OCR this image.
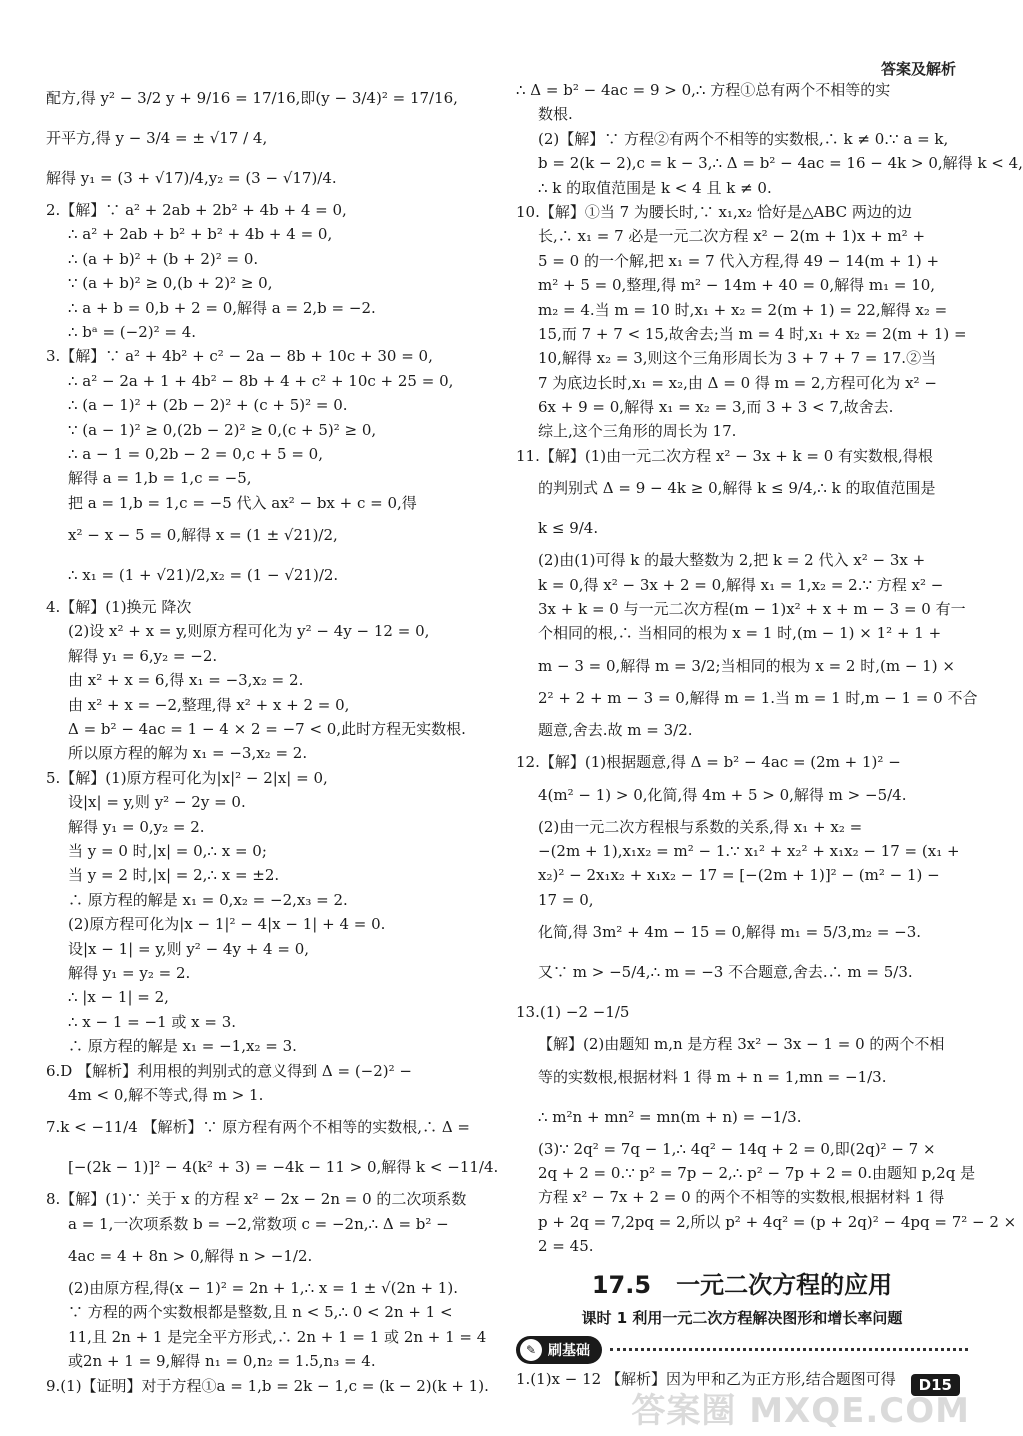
答案及解析
配方,得 y² − 3/2 y + 9/16 = 17/16,即(y − 3/4)² = 17/16,
开平方,得 y − 3/4 = ± √17 / 4,
解得 y₁ = (3 + √17)/4,y₂ = (3 − √17)/4.
2.【解】∵ a² + 2ab + 2b² + 4b + 4 = 0,
∴ a² + 2ab + b² + b² + 4b + 4 = 0,
∴ (a + b)² + (b + 2)² = 0.
∵ (a + b)² ≥ 0,(b + 2)² ≥ 0,
∴ a + b = 0,b + 2 = 0,解得 a = 2,b = −2.
∴ bᵃ = (−2)² = 4.
3.【解】∵ a² + 4b² + c² − 2a − 8b + 10c + 30 = 0,
∴ a² − 2a + 1 + 4b² − 8b + 4 + c² + 10c + 25 = 0,
∴ (a − 1)² + (2b − 2)² + (c + 5)² = 0.
∵ (a − 1)² ≥ 0,(2b − 2)² ≥ 0,(c + 5)² ≥ 0,
∴ a − 1 = 0,2b − 2 = 0,c + 5 = 0,
解得 a = 1,b = 1,c = −5,
把 a = 1,b = 1,c = −5 代入 ax² − bx + c = 0,得
x² − x − 5 = 0,解得 x = (1 ± √21)/2,
∴ x₁ = (1 + √21)/2,x₂ = (1 − √21)/2.
4.【解】(1)换元 降次
(2)设 x² + x = y,则原方程可化为 y² − 4y − 12 = 0,
解得 y₁ = 6,y₂ = −2.
由 x² + x = 6,得 x₁ = −3,x₂ = 2.
由 x² + x = −2,整理,得 x² + x + 2 = 0,
Δ = b² − 4ac = 1 − 4 × 2 = −7 < 0,此时方程无实数根.
所以原方程的解为 x₁ = −3,x₂ = 2.
5.【解】(1)原方程可化为|x|² − 2|x| = 0,
设|x| = y,则 y² − 2y = 0.
解得 y₁ = 0,y₂ = 2.
当 y = 0 时,|x| = 0,∴ x = 0;
当 y = 2 时,|x| = 2,∴ x = ±2.
∴ 原方程的解是 x₁ = 0,x₂ = −2,x₃ = 2.
(2)原方程可化为|x − 1|² − 4|x − 1| + 4 = 0.
设|x − 1| = y,则 y² − 4y + 4 = 0,
解得 y₁ = y₂ = 2.
∴ |x − 1| = 2,
∴ x − 1 = −1 或 x = 3.
∴ 原方程的解是 x₁ = −1,x₂ = 3.
6.D 【解析】利用根的判别式的意义得到 Δ = (−2)² −
4m < 0,解不等式,得 m > 1.
7.k < −11/4 【解析】∵ 原方程有两个不相等的实数根,∴ Δ =
[−(2k − 1)]² − 4(k² + 3) = −4k − 11 > 0,解得 k < −11/4.
8.【解】(1)∵ 关于 x 的方程 x² − 2x − 2n = 0 的二次项系数
a = 1,一次项系数 b = −2,常数项 c = −2n,∴ Δ = b² −
4ac = 4 + 8n > 0,解得 n > −1/2.
(2)由原方程,得(x − 1)² = 2n + 1,∴ x = 1 ± √(2n + 1).
∵ 方程的两个实数根都是整数,且 n < 5,∴ 0 < 2n + 1 <
11,且 2n + 1 是完全平方形式,∴ 2n + 1 = 1 或 2n + 1 = 4
或2n + 1 = 9,解得 n₁ = 0,n₂ = 1.5,n₃ = 4.
9.(1)【证明】对于方程①a = 1,b = 2k − 1,c = (k − 2)(k + 1).
∴ Δ = b² − 4ac = 9 > 0,∴ 方程①总有两个不相等的实
数根.
(2)【解】∵ 方程②有两个不相等的实数根,∴ k ≠ 0.∵ a = k,
b = 2(k − 2),c = k − 3,∴ Δ = b² − 4ac = 16 − 4k > 0,解得 k < 4,
∴ k 的取值范围是 k < 4 且 k ≠ 0.
10.【解】①当 7 为腰长时,∵ x₁,x₂ 恰好是△ABC 两边的边
长,∴ x₁ = 7 必是一元二次方程 x² − 2(m + 1)x + m² +
5 = 0 的一个解,把 x₁ = 7 代入方程,得 49 − 14(m + 1) +
m² + 5 = 0,整理,得 m² − 14m + 40 = 0,解得 m₁ = 10,
m₂ = 4.当 m = 10 时,x₁ + x₂ = 2(m + 1) = 22,解得 x₂ =
15,而 7 + 7 < 15,故舍去;当 m = 4 时,x₁ + x₂ = 2(m + 1) =
10,解得 x₂ = 3,则这个三角形周长为 3 + 7 + 7 = 17.②当
7 为底边长时,x₁ = x₂,由 Δ = 0 得 m = 2,方程可化为 x² −
6x + 9 = 0,解得 x₁ = x₂ = 3,而 3 + 3 < 7,故舍去.
综上,这个三角形的周长为 17.
11.【解】(1)由一元二次方程 x² − 3x + k = 0 有实数根,得根
的判别式 Δ = 9 − 4k ≥ 0,解得 k ≤ 9/4,∴ k 的取值范围是
k ≤ 9/4.
(2)由(1)可得 k 的最大整数为 2,把 k = 2 代入 x² − 3x +
k = 0,得 x² − 3x + 2 = 0,解得 x₁ = 1,x₂ = 2.∵ 方程 x² −
3x + k = 0 与一元二次方程(m − 1)x² + x + m − 3 = 0 有一
个相同的根,∴ 当相同的根为 x = 1 时,(m − 1) × 1² + 1 +
m − 3 = 0,解得 m = 3/2;当相同的根为 x = 2 时,(m − 1) ×
2² + 2 + m − 3 = 0,解得 m = 1.当 m = 1 时,m − 1 = 0 不合
题意,舍去.故 m = 3/2.
12.【解】(1)根据题意,得 Δ = b² − 4ac = (2m + 1)² −
4(m² − 1) > 0,化简,得 4m + 5 > 0,解得 m > −5/4.
(2)由一元二次方程根与系数的关系,得 x₁ + x₂ =
−(2m + 1),x₁x₂ = m² − 1.∵ x₁² + x₂² + x₁x₂ − 17 = (x₁ +
x₂)² − 2x₁x₂ + x₁x₂ − 17 = [−(2m + 1)]² − (m² − 1) −
17 = 0,
化简,得 3m² + 4m − 15 = 0,解得 m₁ = 5/3,m₂ = −3.
又∵ m > −5/4,∴ m = −3 不合题意,舍去.∴ m = 5/3.
13.(1) −2 −1/5
【解】(2)由题知 m,n 是方程 3x² − 3x − 1 = 0 的两个不相
等的实数根,根据材料 1 得 m + n = 1,mn = −1/3.
∴ m²n + mn² = mn(m + n) = −1/3.
(3)∵ 2q² = 7q − 1,∴ 4q² − 14q + 2 = 0,即(2q)² − 7 ×
2q + 2 = 0.∵ p² = 7p − 2,∴ p² − 7p + 2 = 0.由题知 p,2q 是
方程 x² − 7x + 2 = 0 的两个不相等的实数根,根据材料 1 得
p + 2q = 7,2pq = 2,所以 p² + 4q² = (p + 2q)² − 4pq = 7² − 2 ×
2 = 45.
17.5 一元二次方程的应用
课时 1 利用一元二次方程解决图形和增长率问题
✎ 刷基础
1.(1)x − 12 【解析】因为甲和乙为正方形,结合题图可得	D15
答案圈 MXQE.COM
